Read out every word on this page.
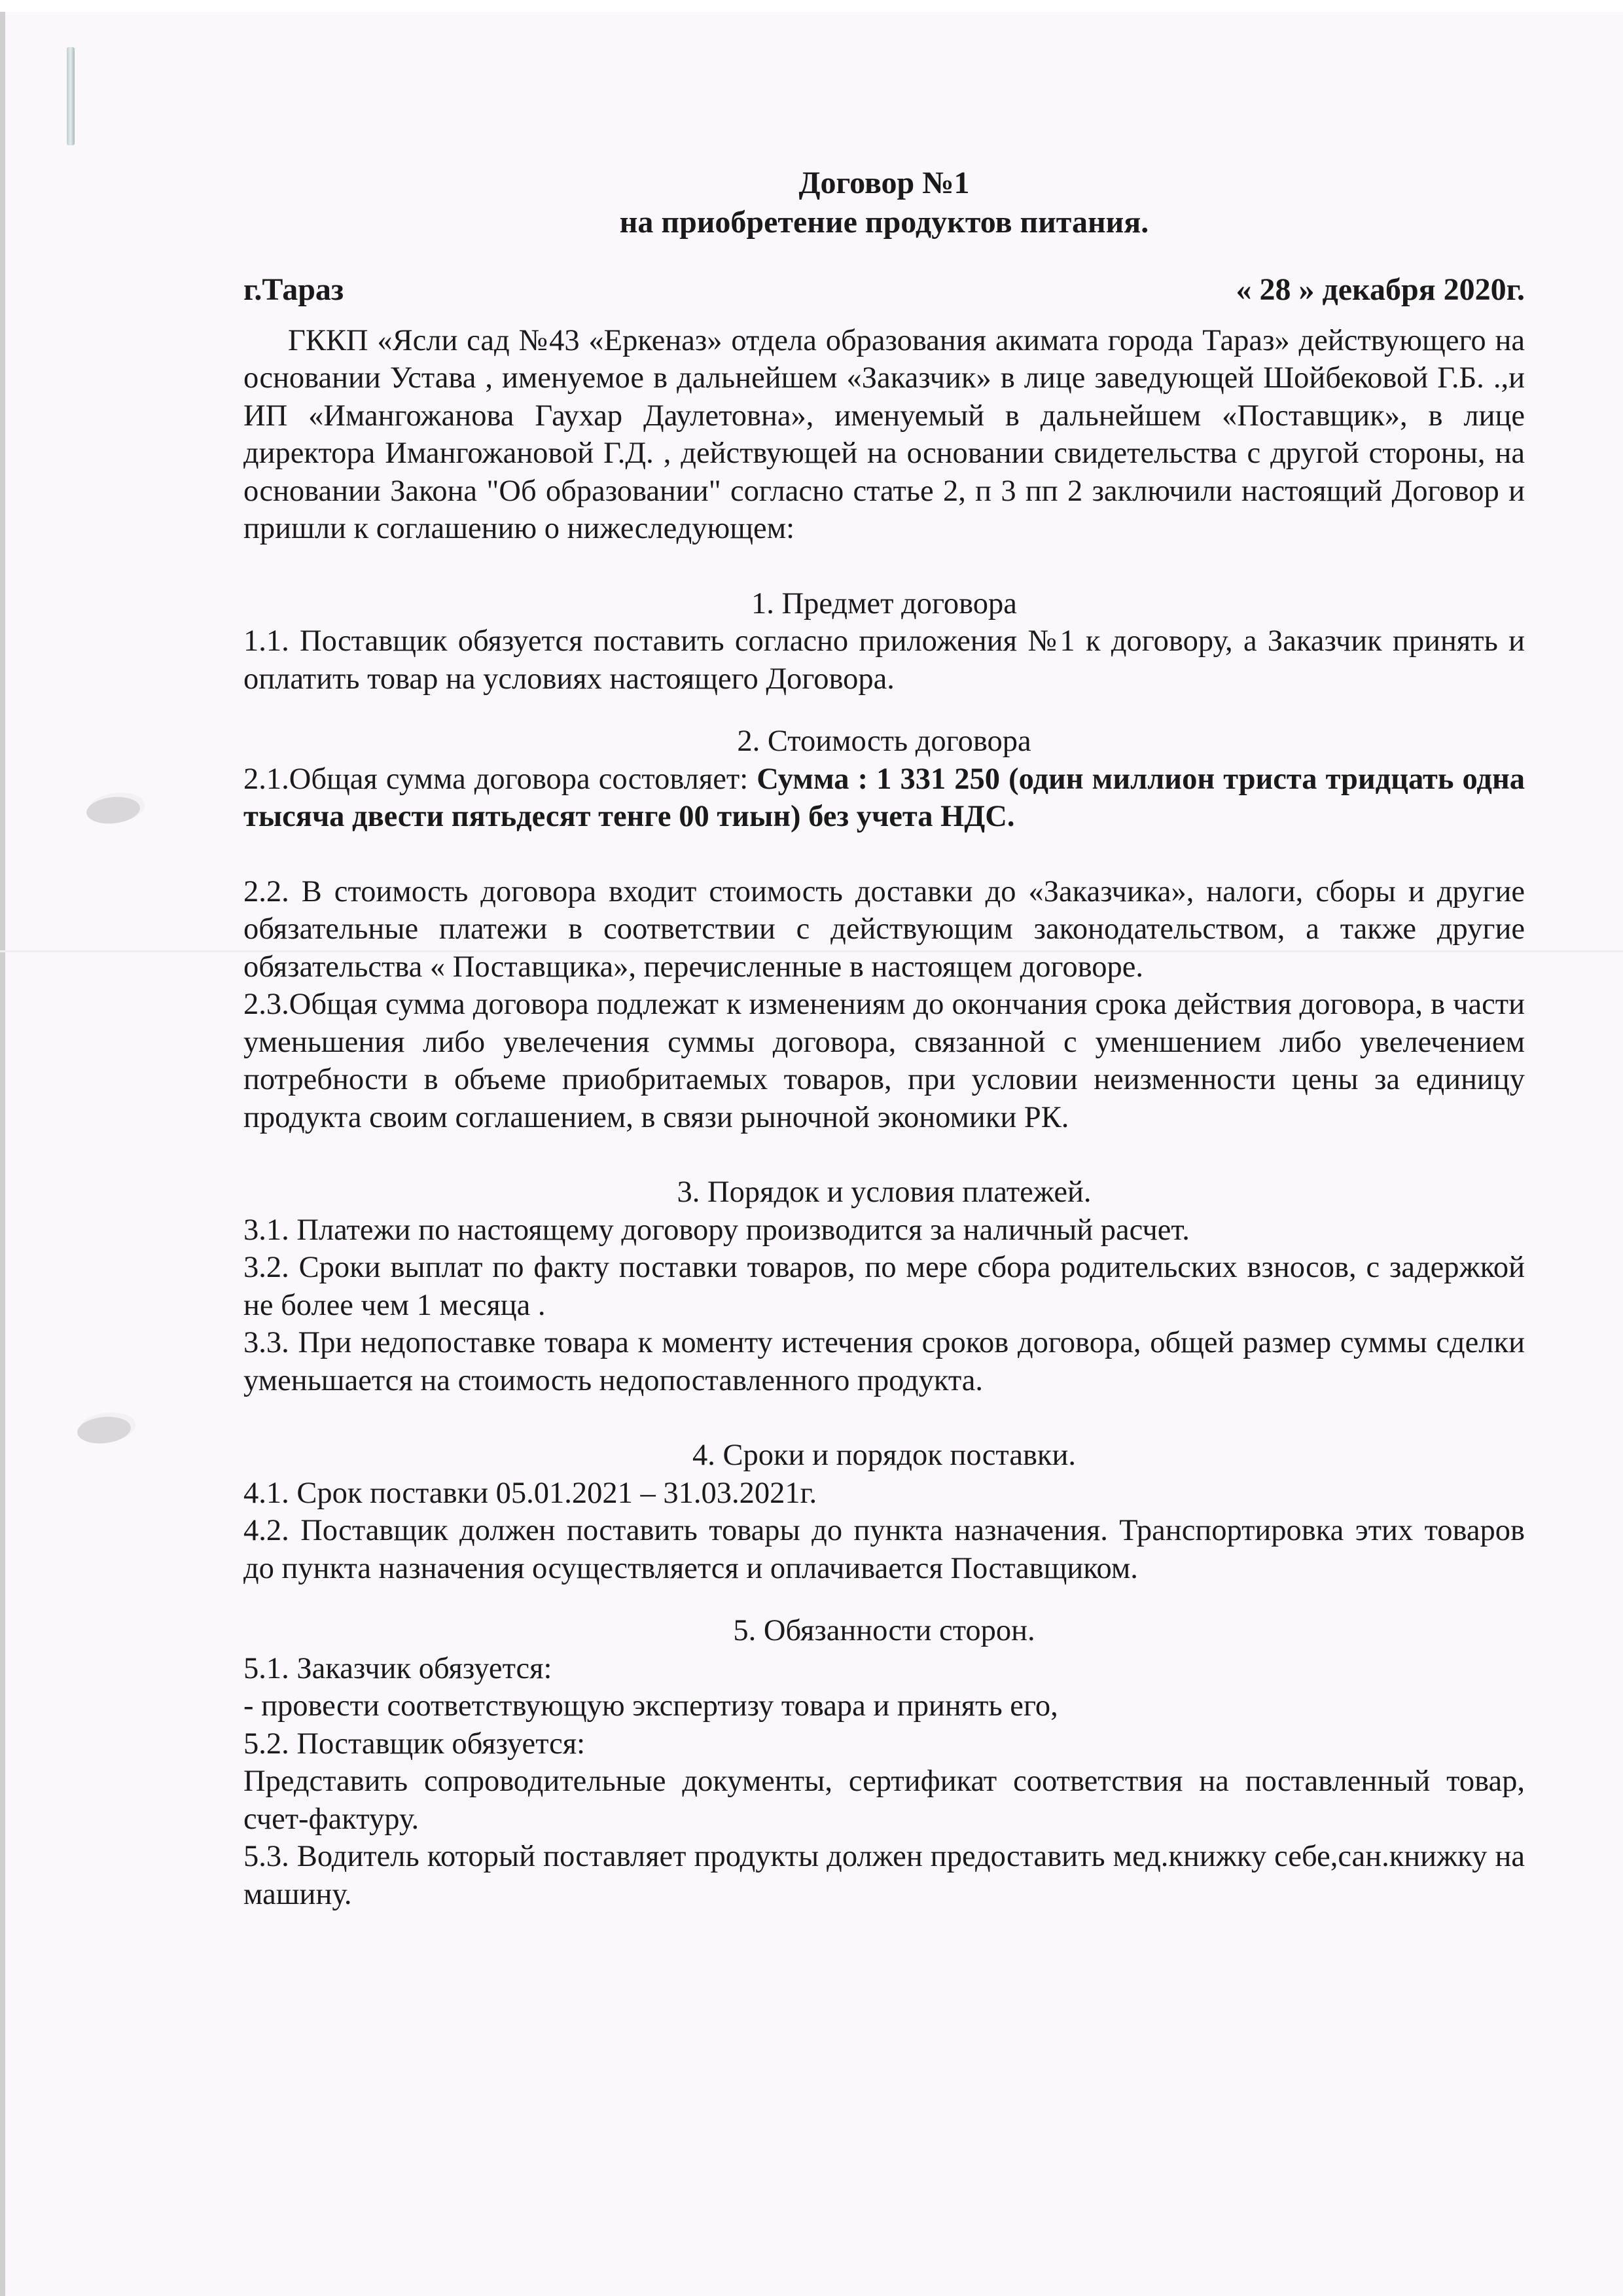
Договор №1
на приобретение продуктов питания.
г.Тараз	« 28 » декабря 2020г.

ГККП «Ясли сад №43 «Еркеназ» отдела образования акимата города Тараз» действующего на основании Устава , именуемое в дальнейшем «Заказчик» в лице заведующей Шойбековой Г.Б. .,и ИП «Имангожанова Гаухар Даулетовна», именуемый в дальнейшем «Поставщик», в лице директора Имангожановой Г.Д. , действующей на основании свидетельства с другой стороны, на основании Закона "Об образовании" согласно статье 2, п 3 пп 2 заключили настоящий Договор и пришли к соглашению о нижеследующем:

1. Предмет договора

1.1. Поставщик обязуется поставить согласно приложения №1 к договору, а Заказчик принять и оплатить товар на условиях настоящего Договора.

2. Стоимость договора

2.1.Общая сумма договора состовляет: Сумма : 1 331 250 (один миллион триста тридцать одна тысяча двести пятьдесят тенге 00 тиын) без учета НДС.

2.2. В стоимость договора входит стоимость доставки до «Заказчика», налоги, сборы и другие обязательные платежи в соответствии с действующим законодательством, а также другие обязательства « Поставщика», перечисленные в настоящем договоре.

2.3.Общая сумма договора подлежат к изменениям до окончания срока действия договора, в части уменьшения либо увелечения суммы договора, связанной с уменшением либо увелечением потребности в объеме приобритаемых товаров, при условии неизменности цены за единицу продукта своим соглашением, в связи рыночной экономики РК.

3. Порядок и условия платежей.

3.1. Платежи по настоящему договору производится за наличный расчет.

3.2. Сроки выплат по факту поставки товаров, по мере сбора родительских взносов, с задержкой не более чем 1 месяца .

3.3. При недопоставке товара к моменту истечения сроков договора, общей размер суммы сделки уменьшается на стоимость недопоставленного продукта.

4. Сроки и порядок поставки.

4.1. Срок поставки 05.01.2021 – 31.03.2021г.

4.2. Поставщик должен поставить товары до пункта назначения. Транспортировка этих товаров до пункта назначения осуществляется и оплачивается Поставщиком.

5. Обязанности сторон.

5.1. Заказчик обязуется:

- провести соответствующую экспертизу товара и принять его,

5.2. Поставщик обязуется:

Представить сопроводительные документы, сертификат соответствия на поставленный товар, счет-фактуру.

5.3. Водитель который поставляет продукты должен предоставить мед.книжку себе,сан.книжку на машину.
